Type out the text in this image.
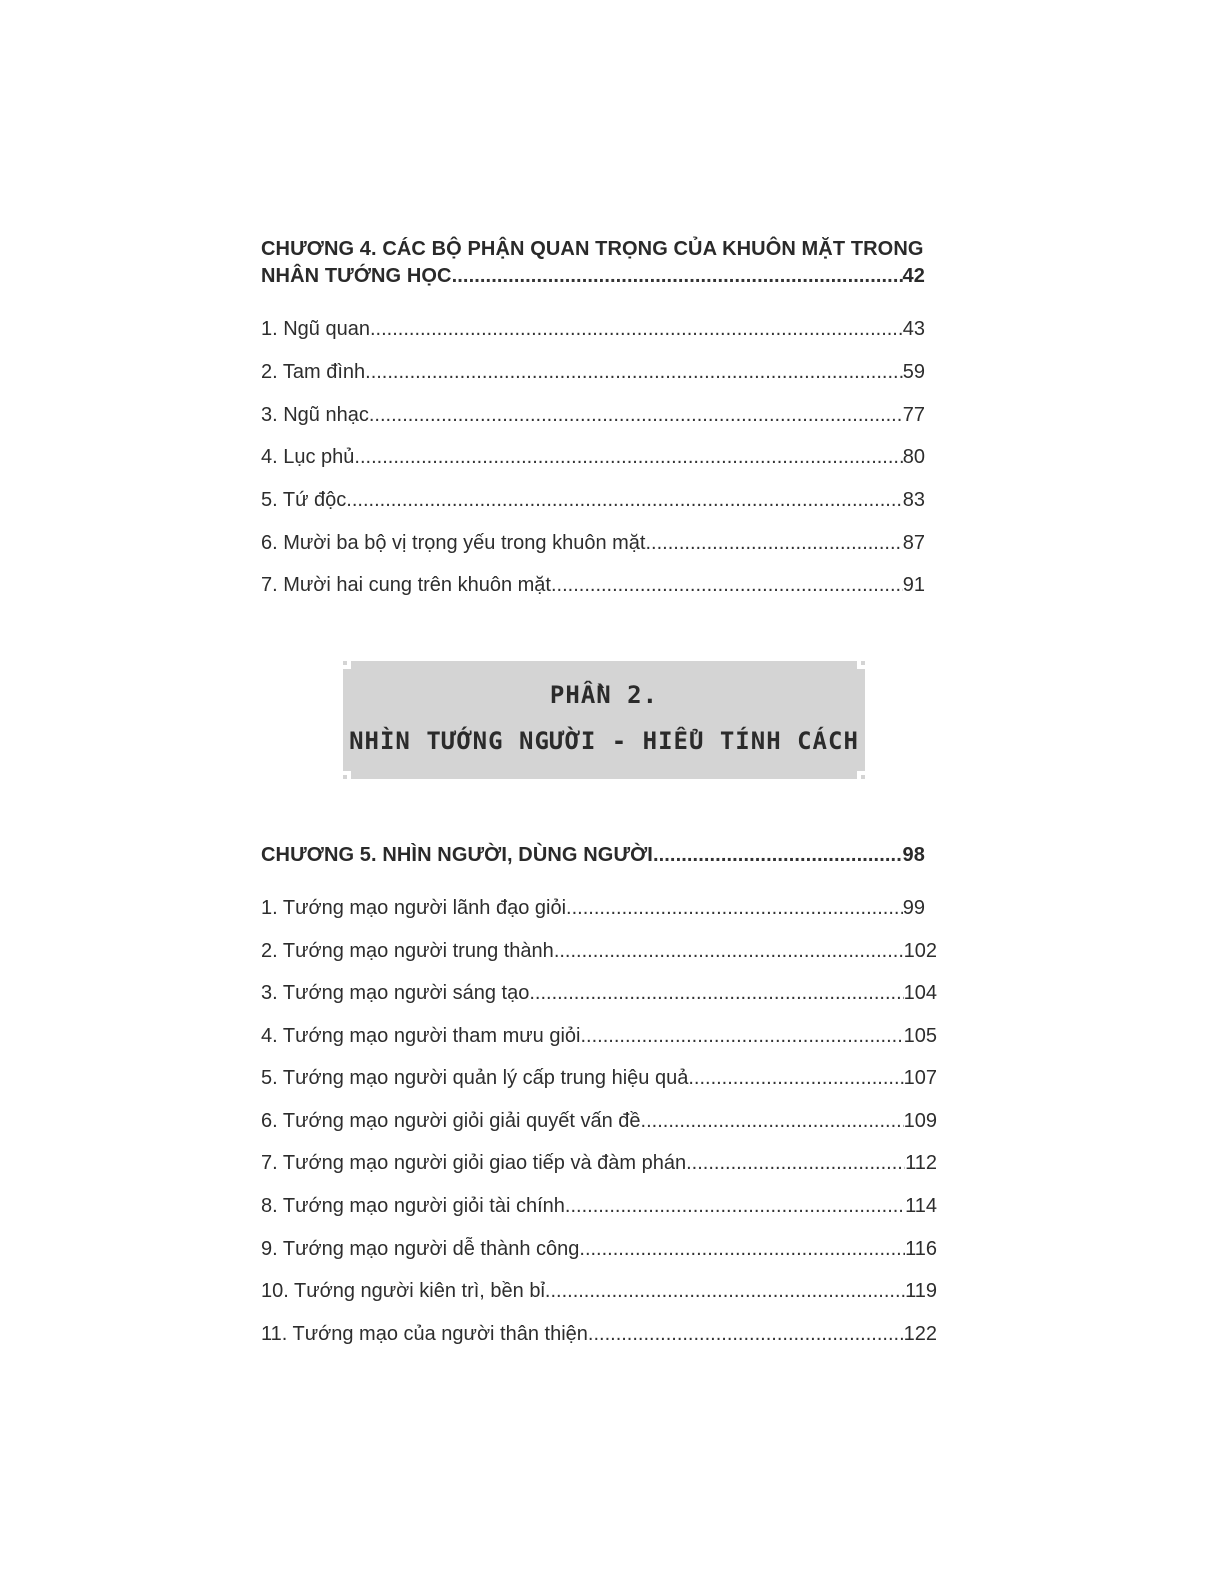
CHƯƠNG 4. CÁC BỘ PHẬN QUAN TRỌNG CỦA KHUÔN MẶT TRONG
NHÂN TƯỚNG HỌC .....	42
1. Ngũ quan .....	43
2. Tam đình .....	59
3. Ngũ nhạc .....	77
4. Lục phủ .....	80
5. Tứ độc .....	83
6. Mười ba bộ vị trọng yếu trong khuôn mặt .....	87
7. Mười hai cung trên khuôn mặt .....	91
PHẦN 2.
NHÌN TƯỚNG NGƯỜI - HIỂU TÍNH CÁCH
CHƯƠNG 5. NHÌN NGƯỜI, DÙNG NGƯỜI .....	98
1. Tướng mạo người lãnh đạo giỏi .....	99
2. Tướng mạo người trung thành .....	102
3. Tướng mạo người sáng tạo .....	104
4. Tướng mạo người tham mưu giỏi .....	105
5. Tướng mạo người quản lý cấp trung hiệu quả .....	107
6. Tướng mạo người giỏi giải quyết vấn đề .....	109
7. Tướng mạo người giỏi giao tiếp và đàm phán .....	112
8. Tướng mạo người giỏi tài chính .....	114
9. Tướng mạo người dễ thành công .....	116
10. Tướng người kiên trì, bền bỉ .....	119
11. Tướng mạo của người thân thiện .....	122
